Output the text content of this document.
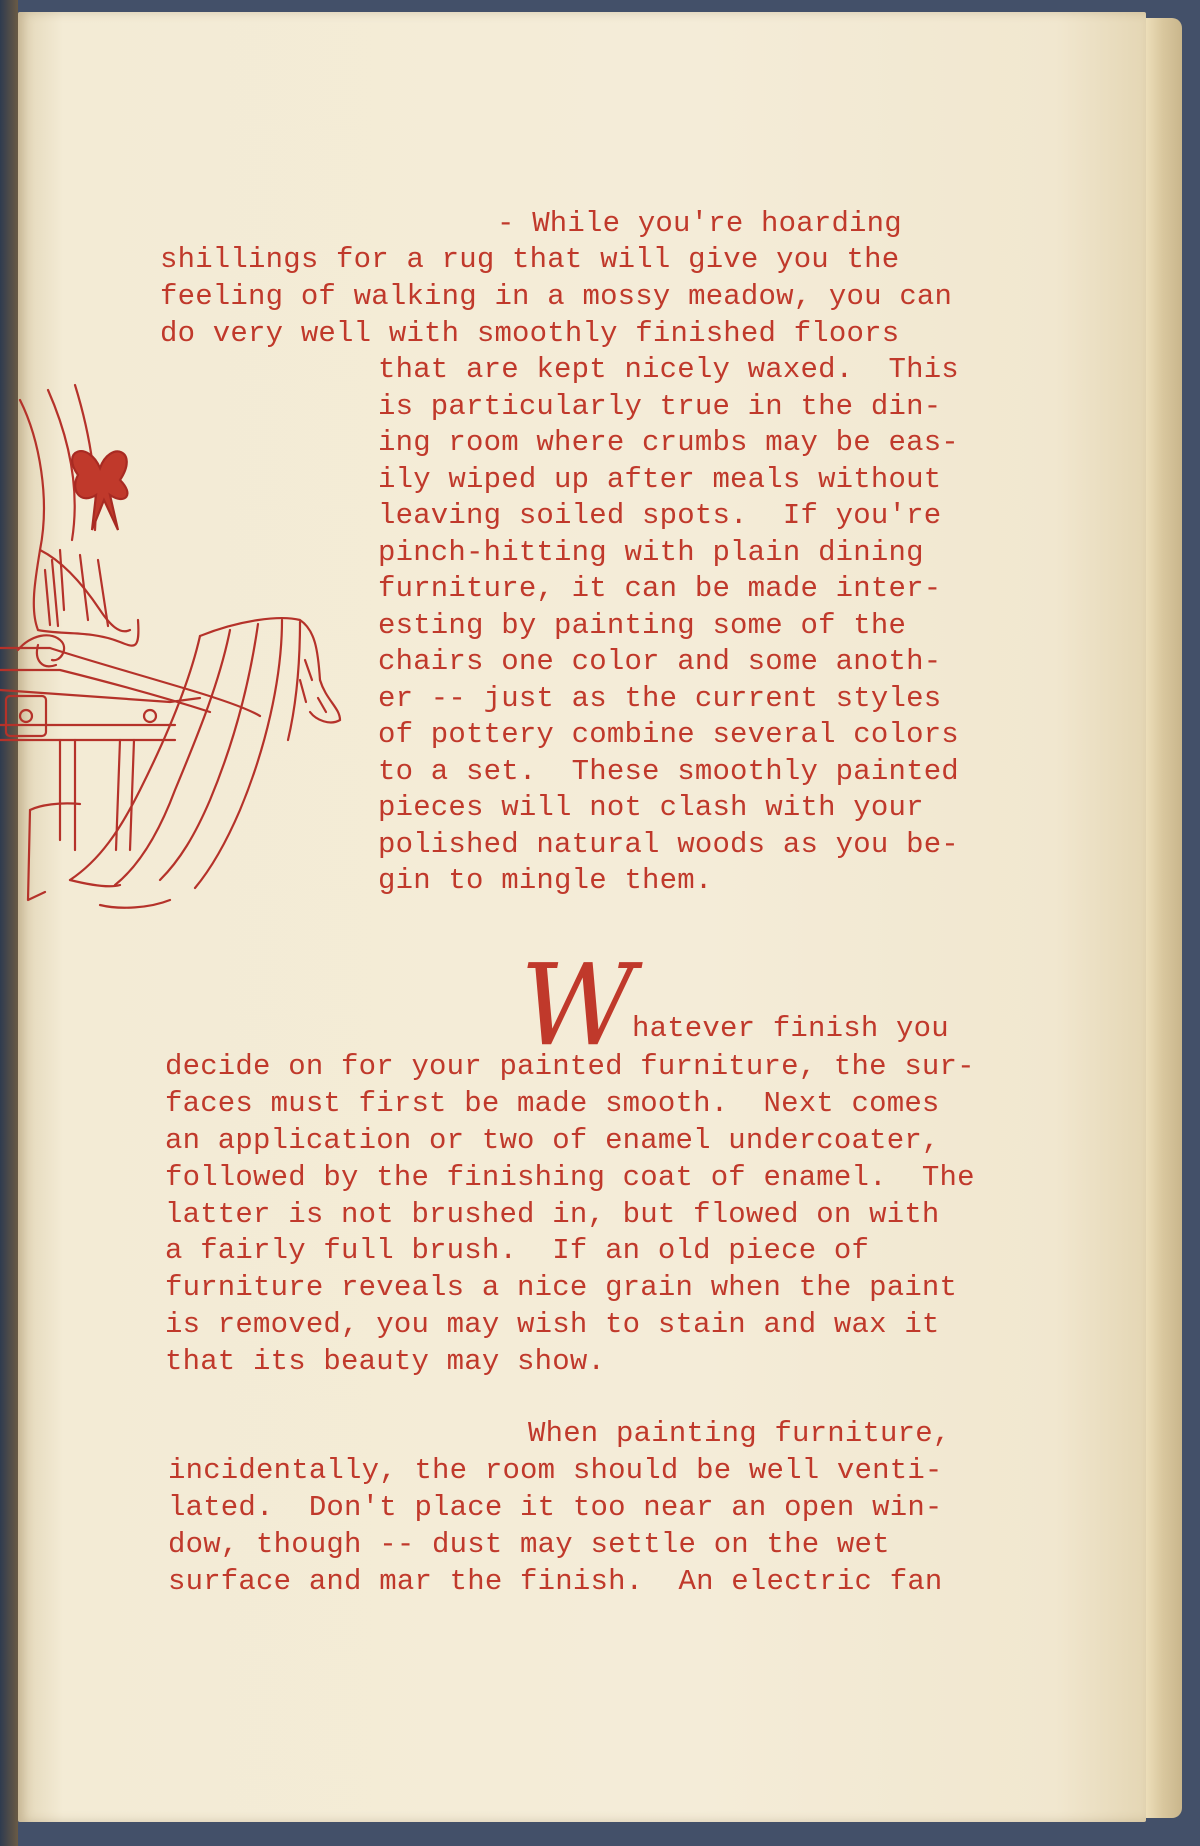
- While you're hoarding
shillings for a rug that will give you the
feeling of walking in a mossy meadow, you can
do very well with smoothly finished floors
that are kept nicely waxed.  This
is particularly true in the din-
ing room where crumbs may be eas-
ily wiped up after meals without
leaving soiled spots.  If you're
pinch-hitting with plain dining
furniture, it can be made inter-
esting by painting some of the
chairs one color and some anoth-
er -- just as the current styles
of pottery combine several colors
to a set.  These smoothly painted
pieces will not clash with your
polished natural woods as you be-
gin to mingle them.
W
hatever finish you
decide on for your painted furniture, the sur-
faces must first be made smooth.  Next comes
an application or two of enamel undercoater,
followed by the finishing coat of enamel.  The
latter is not brushed in, but flowed on with
a fairly full brush.  If an old piece of
furniture reveals a nice grain when the paint
is removed, you may wish to stain and wax it
that its beauty may show.
When painting furniture,
incidentally, the room should be well venti-
lated.  Don't place it too near an open win-
dow, though -- dust may settle on the wet
surface and mar the finish.  An electric fan
